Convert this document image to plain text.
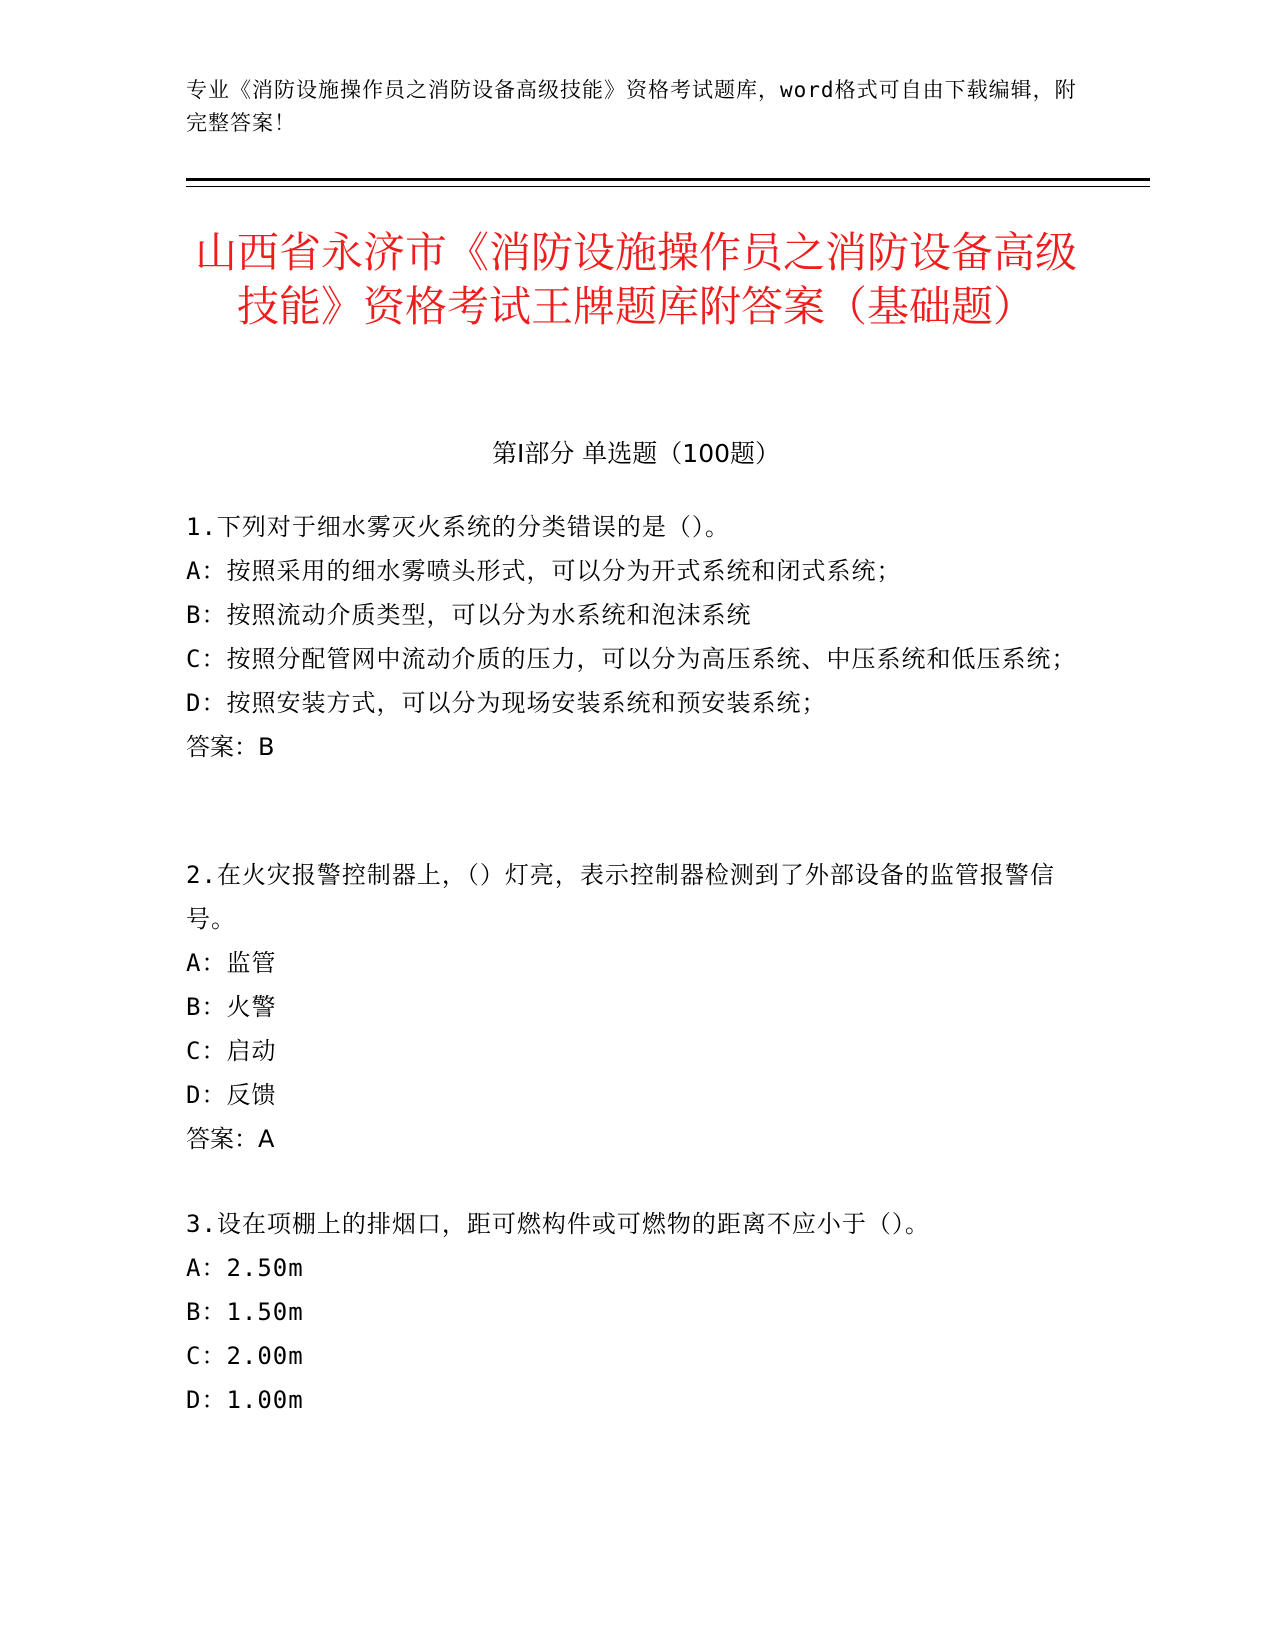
专业《消防设施操作员之消防设备高级技能》资格考试题库，word格式可自由下载编辑，附完整答案！
山西省永济市《消防设施操作员之消防设备高级技能》资格考试王牌题库附答案（基础题）
第Ⅰ部分 单选题（100题）

1.下列对于细水雾灭火系统的分类错误的是（）。

A：按照采用的细水雾喷头形式，可以分为开式系统和闭式系统；

B：按照流动介质类型，可以分为水系统和泡沫系统

C：按照分配管网中流动介质的压力，可以分为高压系统、中压系统和低压系统；

D：按照安装方式，可以分为现场安装系统和预安装系统；

答案：B

2.在火灾报警控制器上，（）灯亮，表示控制器检测到了外部设备的监管报警信号。

A：监管

B：火警

C：启动

D：反馈

答案：A

3.设在项棚上的排烟口，距可燃构件或可燃物的距离不应小于（）。

A：2.50m

B：1.50m

C：2.00m

D：1.00m
